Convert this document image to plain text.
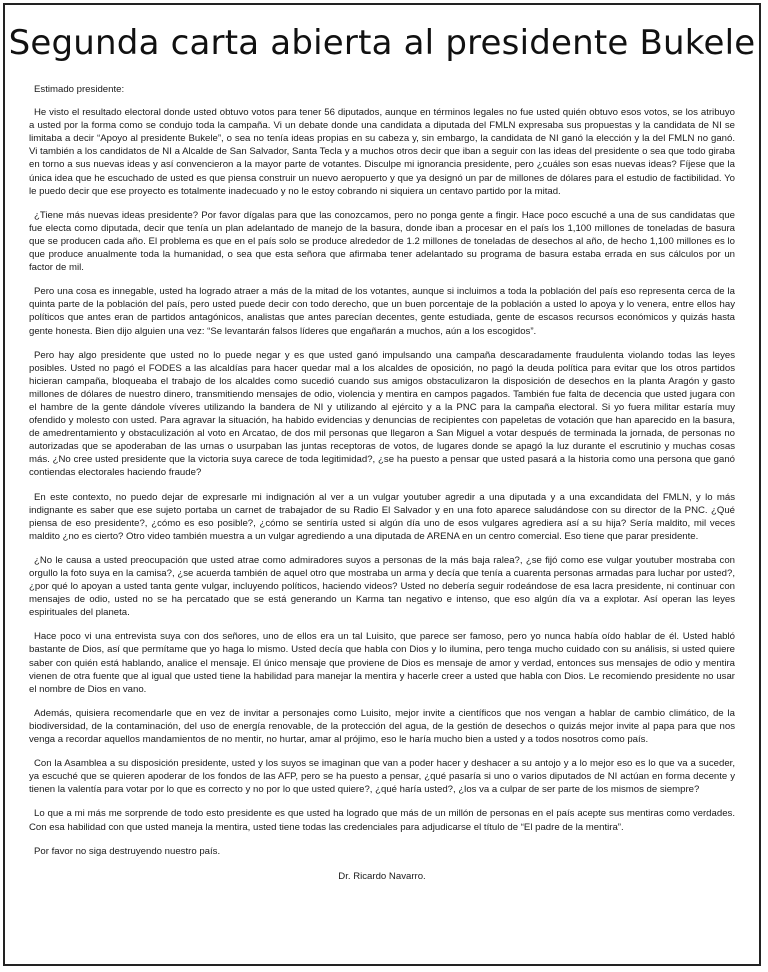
Segunda carta abierta al presidente Bukele

Estimado presidente:

He visto el resultado electoral donde usted obtuvo votos para tener 56 diputados, aunque en términos legales no fue usted quién obtuvo esos votos, se los atribuyo a usted por la forma como se condujo toda la campaña. Vi un debate donde una candidata a diputada del FMLN expresaba sus propuestas y la candidata de NI se limitaba a decir “Apoyo al presidente Bukele”, o sea no tenía ideas propias en su cabeza y, sin embargo, la candidata de NI ganó la elección y la del FMLN no ganó. Vi también a los candidatos de NI a Alcalde de San Salvador, Santa Tecla y a muchos otros decir que iban a seguir con las ideas del presidente o sea que todo giraba en torno a sus nuevas ideas y así convencieron a la mayor parte de votantes. Disculpe mi ignorancia presidente, pero ¿cuáles son esas nuevas ideas? Fíjese que la única idea que he escuchado de usted es que piensa construir un nuevo aeropuerto y que ya designó un par de millones de dólares para el estudio de factibilidad. Yo le puedo decir que ese proyecto es totalmente inadecuado y no le estoy cobrando ni siquiera un centavo partido por la mitad.

¿Tiene más nuevas ideas presidente? Por favor dígalas para que las conozcamos, pero no ponga gente a fingir. Hace poco escuché a una de sus candidatas que fue electa como diputada, decir que tenía un plan adelantado de manejo de la basura, donde iban a procesar en el país los 1,100 millones de toneladas de basura que se producen cada año. El problema es que en el país solo se produce alrededor de 1.2 millones de toneladas de desechos al año, de hecho 1,100 millones es lo que produce anualmente toda la humanidad, o sea que esta señora que afirmaba tener adelantado su programa de basura estaba errada en sus cálculos por un factor de mil.

Pero una cosa es innegable, usted ha logrado atraer a más de la mitad de los votantes, aunque si incluimos a toda la población del país eso representa cerca de la quinta parte de la población del país, pero usted puede decir con todo derecho, que un buen porcentaje de la población a usted lo apoya y lo venera, entre ellos hay políticos que antes eran de partidos antagónicos, analistas que antes parecían decentes, gente estudiada, gente de escasos recursos económicos y quizás hasta gente honesta. Bien dijo alguien una vez: “Se levantarán falsos líderes que engañarán a muchos, aún a los escogidos”.

Pero hay algo presidente que usted no lo puede negar y es que usted ganó impulsando una campaña descaradamente fraudulenta violando todas las leyes posibles. Usted no pagó el FODES a las alcaldías para hacer quedar mal a los alcaldes de oposición, no pagó la deuda política para evitar que los otros partidos hicieran campaña, bloqueaba el trabajo de los alcaldes como sucedió cuando sus amigos obstaculizaron la disposición de desechos en la planta Aragón y gasto millones de dólares de nuestro dinero, transmitiendo mensajes de odio, violencia y mentira en campos pagados. También fue falta de decencia que usted jugara con el hambre de la gente dándole víveres utilizando la bandera de NI y utilizando al ejército y a la PNC para la campaña electoral. Si yo fuera militar estaría muy ofendido y molesto con usted. Para agravar la situación, ha habido evidencias y denuncias de recipientes con papeletas de votación que han aparecido en la basura, de amedrentamiento y obstaculización al voto en Arcatao, de dos mil personas que llegaron a San Miguel a votar después de terminada la jornada, de personas no autorizadas que se apoderaban de las urnas o usurpaban las juntas receptoras de votos, de lugares donde se apagó la luz durante el escrutinio y muchas cosas más. ¿No cree usted presidente que la victoria suya carece de toda legitimidad?, ¿se ha puesto a pensar que usted pasará a la historia como una persona que ganó contiendas electorales haciendo fraude?

En este contexto, no puedo dejar de expresarle mi indignación al ver a un vulgar youtuber agredir a una diputada y a una excandidata del FMLN, y lo más indignante es saber que ese sujeto portaba un carnet de trabajador de su Radio El Salvador y en una foto aparece saludándose con su director de la PNC. ¿Qué piensa de eso presidente?, ¿cómo es eso posible?, ¿cómo se sentiría usted si algún día uno de esos vulgares agrediera así a su hija? Sería maldito, mil veces maldito ¿no es cierto? Otro video también muestra a un vulgar agrediendo a una diputada de ARENA en un centro comercial. Eso tiene que parar presidente.

¿No le causa a usted preocupación que usted atrae como admiradores suyos a personas de la más baja ralea?, ¿se fijó como ese vulgar youtuber mostraba con orgullo la foto suya en la camisa?, ¿se acuerda también de aquel otro que mostraba un arma y decía que tenía a cuarenta personas armadas para luchar por usted?, ¿por qué lo apoyan a usted tanta gente vulgar, incluyendo políticos, haciendo videos? Usted no debería seguir rodeándose de esa lacra presidente, ni continuar con mensajes de odio, usted no se ha percatado que se está generando un Karma tan negativo e intenso, que eso algún día va a explotar. Así operan las leyes espirituales del planeta.

Hace poco vi una entrevista suya con dos señores, uno de ellos era un tal Luisito, que parece ser famoso, pero yo nunca había oído hablar de él. Usted habló bastante de Dios, así que permítame que yo haga lo mismo. Usted decía que habla con Dios y lo ilumina, pero tenga mucho cuidado con su análisis, si usted quiere saber con quién está hablando, analice el mensaje. El único mensaje que proviene de Dios es mensaje de amor y verdad, entonces sus mensajes de odio y mentira vienen de otra fuente que al igual que usted tiene la habilidad para manejar la mentira y hacerle creer a usted que habla con Dios. Le recomiendo presidente no usar el nombre de Dios en vano.

Además, quisiera recomendarle que en vez de invitar a personajes como Luisito, mejor invite a científicos que nos vengan a hablar de cambio climático, de la biodiversidad, de la contaminación, del uso de energía renovable, de la protección del agua, de la gestión de desechos o quizás mejor invite al papa para que nos venga a recordar aquellos mandamientos de no mentir, no hurtar, amar al prójimo, eso le haría mucho bien a usted y a todos nosotros como país.

Con la Asamblea a su disposición presidente, usted y los suyos se imaginan que van a poder hacer y deshacer a su antojo y a lo mejor eso es lo que va a suceder, ya escuché que se quieren apoderar de los fondos de las AFP, pero se ha puesto a pensar, ¿qué pasaría si uno o varios diputados de NI actúan en forma decente y tienen la valentía para votar por lo que es correcto y no por lo que usted quiere?, ¿qué haría usted?, ¿los va a culpar de ser parte de los mismos de siempre?

Lo que a mi más me sorprende de todo esto presidente es que usted ha logrado que más de un millón de personas en el país acepte sus mentiras como verdades. Con esa habilidad con que usted maneja la mentira, usted tiene todas las credenciales para adjudicarse el título de “El padre de la mentira”.

Por favor no siga destruyendo nuestro país.

Dr. Ricardo Navarro.
